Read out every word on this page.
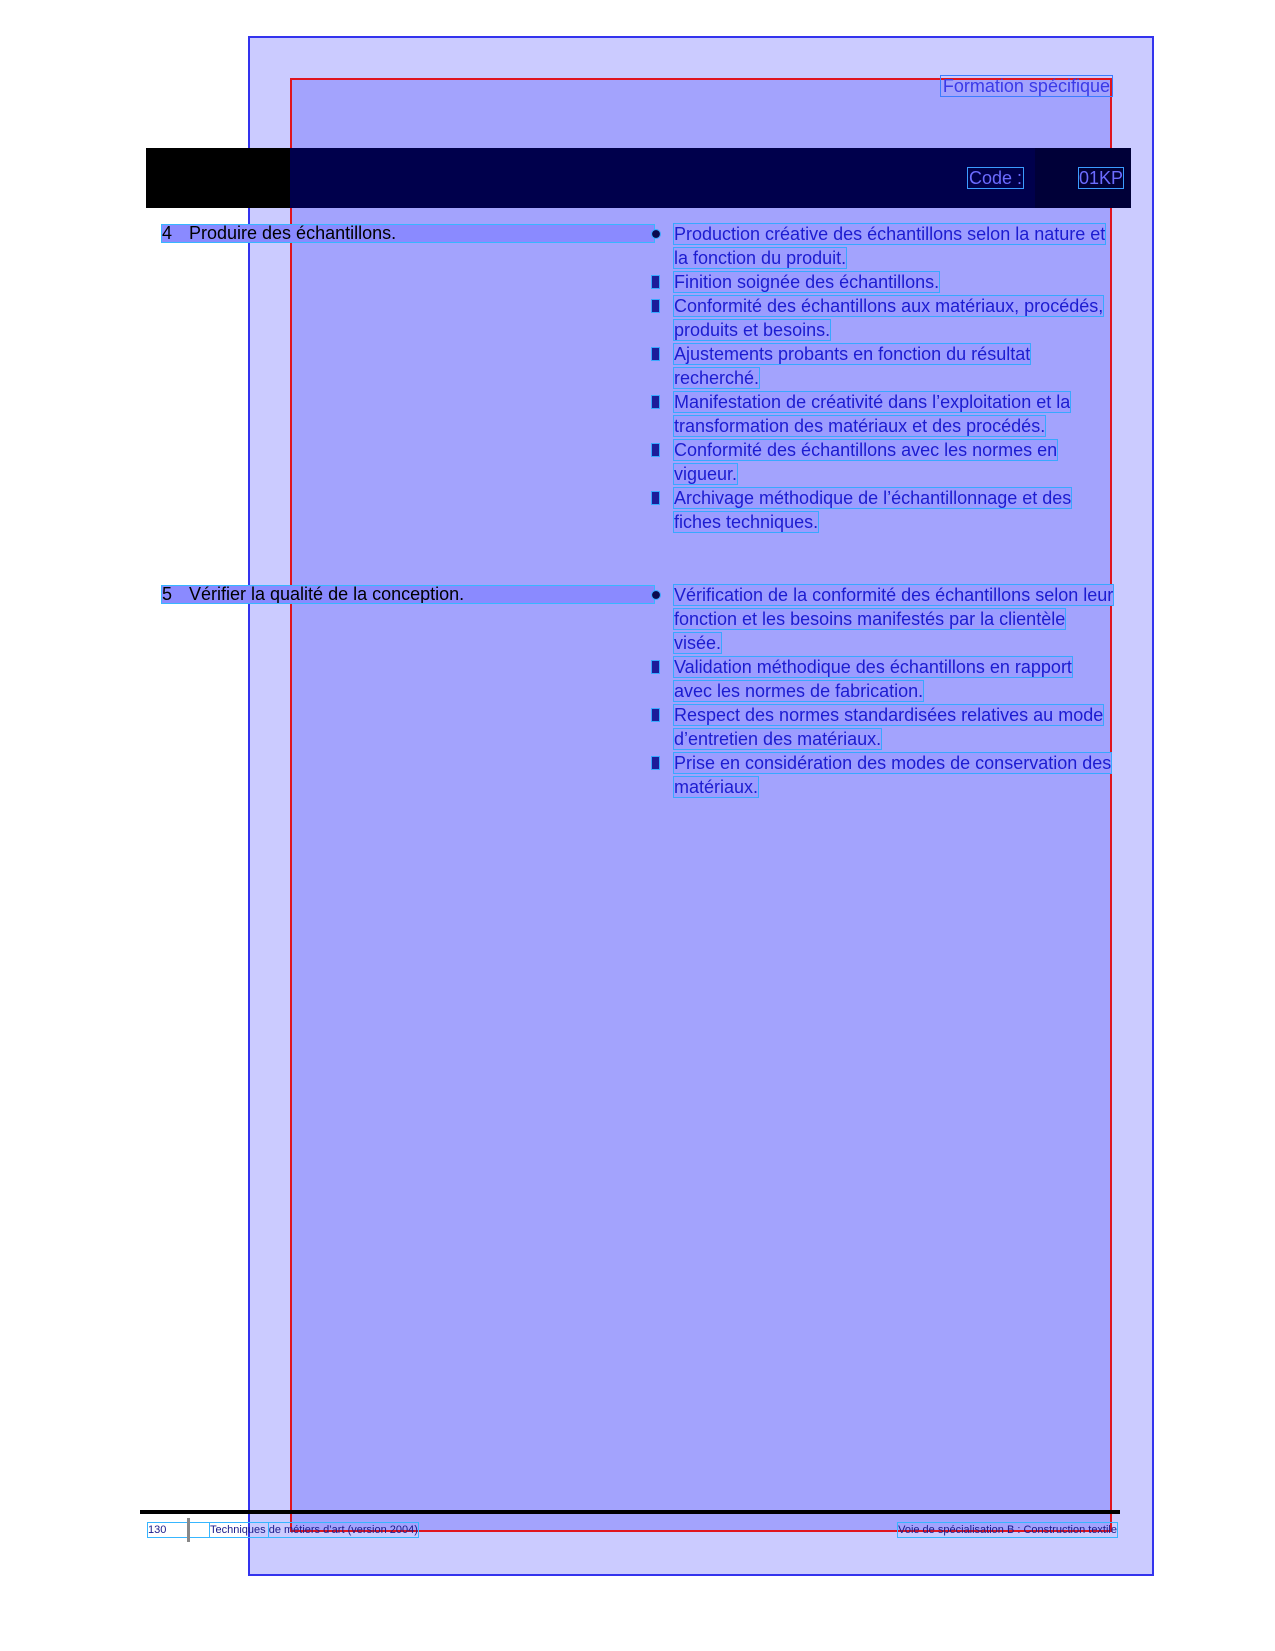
Formation spécifique
Code :	01KP
4 Produire des échantillons.	Production créative des échantillons selon la nature et la fonction du produit.
Finition soignée des échantillons.
Conformité des échantillons aux matériaux, procédés, produits et besoins.
Ajustements probants en fonction du résultat recherché.
Manifestation de créativité dans l’exploitation et la transformation des matériaux et des procédés.
Conformité des échantillons avec les normes en vigueur.
Archivage méthodique de l’échantillonnage et des fiches techniques.
5 Vérifier la qualité de la conception.	Vérification de la conformité des échantillons selon leur fonction et les besoins manifestés par la clientèle visée.
Validation méthodique des échantillons en rapport avec les normes de fabrication.
Respect des normes standardisées relatives au mode d’entretien des matériaux.
Prise en considération des modes de conservation des matériaux.
130	Techniques de métiers d’art (version 2004)	Voie de spécialisation B : Construction textile
